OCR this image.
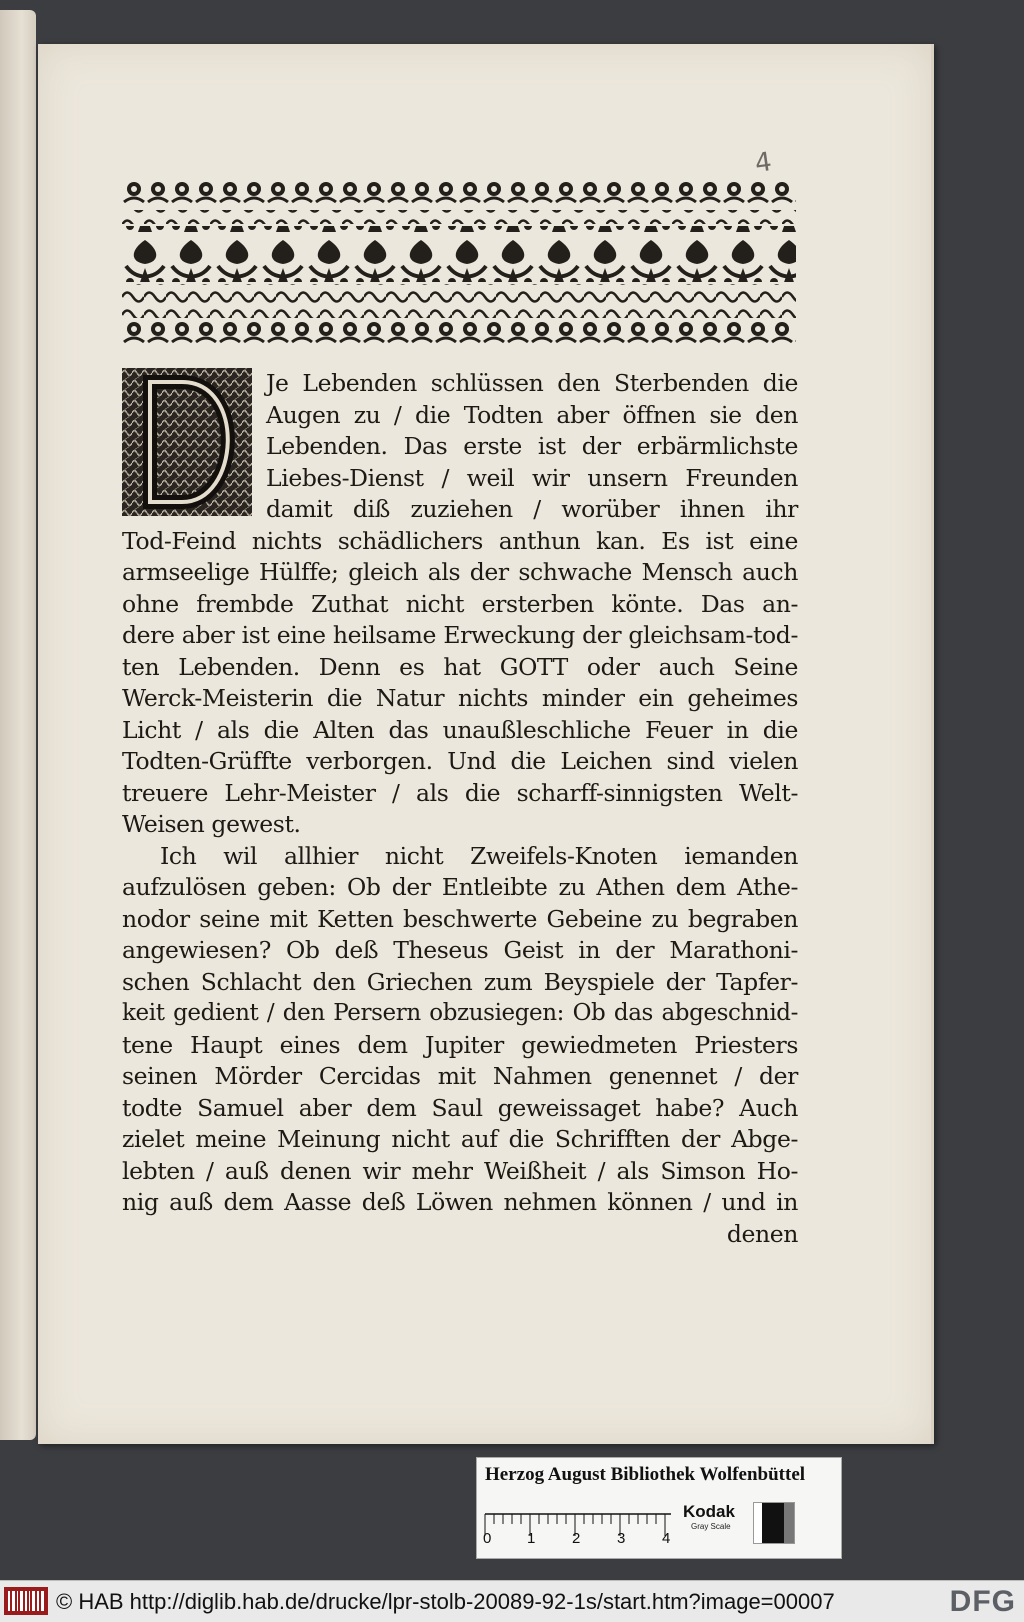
4
Je Lebenden schlüssen den Sterbenden die
Augen zu / die Todten aber öffnen sie den
Lebenden. Das erste ist der erbärmlichste
Liebes-Dienst / weil wir unsern Freunden
damit diß zuziehen / worüber ihnen ihr
Tod-Feind nichts schädlichers anthun kan. Es ist eine
armseelige Hülffe; gleich als der schwache Mensch auch
ohne frembde Zuthat nicht ersterben könte. Das an-
dere aber ist eine heilsame Erweckung der gleichsam-tod-
ten Lebenden. Denn es hat GOTT oder auch Seine
Werck-Meisterin die Natur nichts minder ein geheimes
Licht / als die Alten das unaußleschliche Feuer in die
Todten-Grüffte verborgen. Und die Leichen sind vielen
treuere Lehr-Meister / als die scharff-sinnigsten Welt-
Weisen gewest.
Ich wil allhier nicht Zweifels-Knoten iemanden
aufzulösen geben: Ob der Entleibte zu Athen dem Athe-
nodor seine mit Ketten beschwerte Gebeine zu begraben
angewiesen? Ob deß Theseus Geist in der Marathoni-
schen Schlacht den Griechen zum Beyspiele der Tapfer-
keit gedient / den Persern obzusiegen: Ob das abgeschnid-
tene Haupt eines dem Jupiter gewiedmeten Priesters
seinen Mörder Cercidas mit Nahmen genennet / der
todte Samuel aber dem Saul geweissaget habe? Auch
zielet meine Meinung nicht auf die Schrifften der Abge-
lebten / auß denen wir mehr Weißheit / als Simson Ho-
nig auß dem Aasse deß Löwen nehmen können / und in
denen
Herzog August Bibliothek Wolfenbüttel
0 1 2 3 4
Kodak
Gray Scale
© HAB http://diglib.hab.de/drucke/lpr-stolb-20089-92-1s/start.htm?image=00007	DFG
